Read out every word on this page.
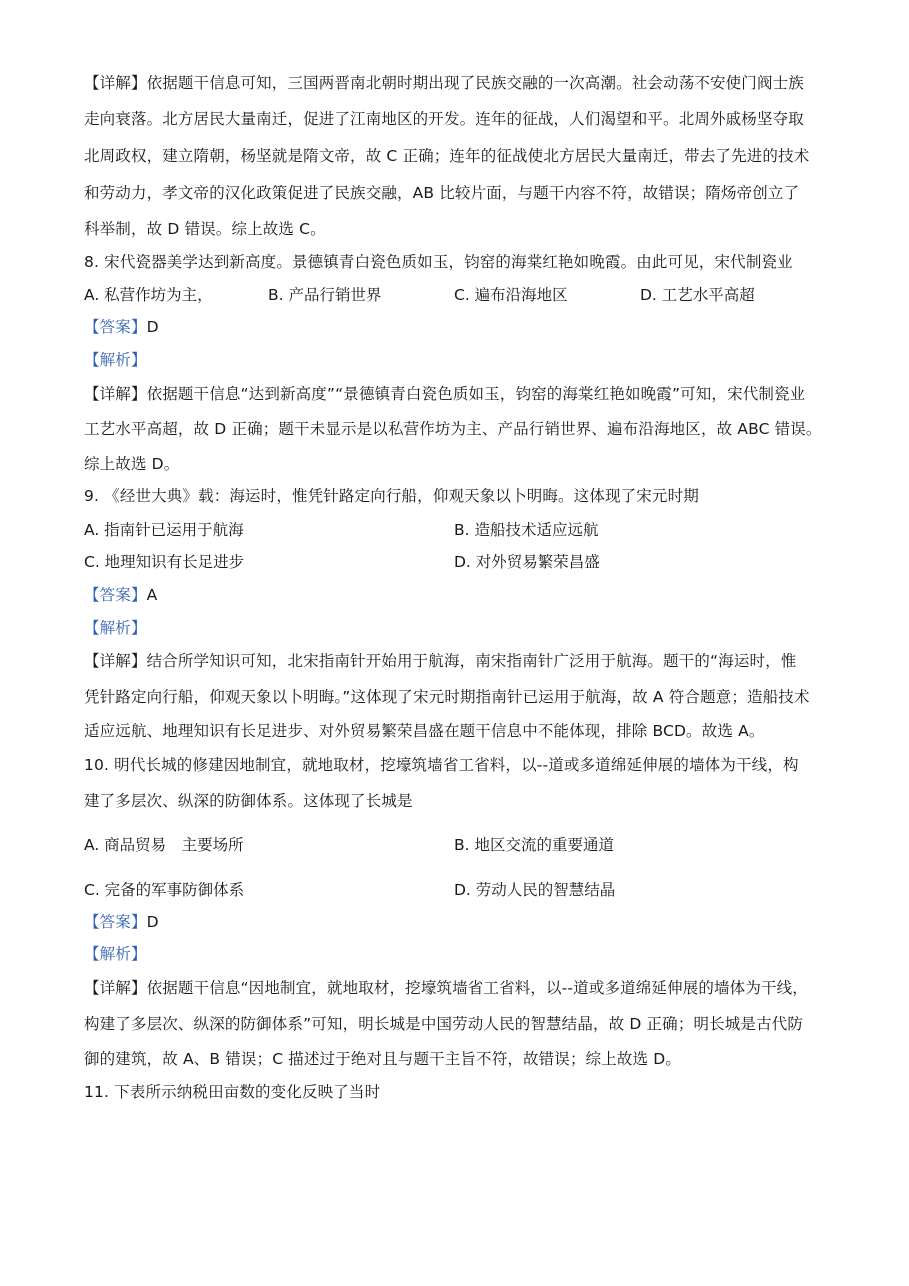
【详解】依据题干信息可知，三国两晋南北朝时期出现了民族交融的一次高潮。社会动荡不安使门阀士族
走向衰落。北方居民大量南迁，促进了江南地区的开发。连年的征战，人们渴望和平。北周外戚杨坚夺取
北周政权，建立隋朝，杨坚就是隋文帝，故 C 正确；连年的征战使北方居民大量南迁，带去了先进的技术
和劳动力，孝文帝的汉化政策促进了民族交融，AB 比较片面，与题干内容不符，故错误；隋炀帝创立了
科举制，故 D 错误。综上故选 C。
8. 宋代瓷器美学达到新高度。景德镇青白瓷色质如玉，钧窑的海棠红艳如晚霞。由此可见，宋代制瓷业
A. 私营作坊为主，	B. 产品行销世界	C. 遍布沿海地区	D. 工艺水平高超
【答案】D
【解析】
【详解】依据题干信息“达到新高度”“景德镇青白瓷色质如玉，钧窑的海棠红艳如晚霞”可知，宋代制瓷业
工艺水平高超，故 D 正确；题干未显示是以私营作坊为主、产品行销世界、遍布沿海地区，故 ABC 错误。
综上故选 D。
9. 《经世大典》载：海运时，惟凭针路定向行船，仰观天象以卜明晦。这体现了宋元时期
A. 指南针已运用于航海	B. 造船技术适应远航
C. 地理知识有长足进步	D. 对外贸易繁荣昌盛
【答案】A
【解析】
【详解】结合所学知识可知，北宋指南针开始用于航海，南宋指南针广泛用于航海。题干的“海运时，惟
凭针路定向行船，仰观天象以卜明晦。”这体现了宋元时期指南针已运用于航海，故 A 符合题意；造船技术
适应远航、地理知识有长足进步、对外贸易繁荣昌盛在题干信息中不能体现，排除 BCD。故选 A。
10. 明代长城的修建因地制宜，就地取材，挖壕筑墙省工省料，以--道或多道绵延伸展的墙体为干线，构
建了多层次、纵深的防御体系。这体现了长城是
A. 商品贸易　主要场所	B. 地区交流的重要通道
C. 完备的军事防御体系	D. 劳动人民的智慧结晶
【答案】D
【解析】
【详解】依据题干信息“因地制宜，就地取材，挖壕筑墙省工省料，以--道或多道绵延伸展的墙体为干线，
构建了多层次、纵深的防御体系”可知，明长城是中国劳动人民的智慧结晶，故 D 正确；明长城是古代防
御的建筑，故 A、B 错误；C 描述过于绝对且与题干主旨不符，故错误；综上故选 D。
11. 下表所示纳税田亩数的变化反映了当时
